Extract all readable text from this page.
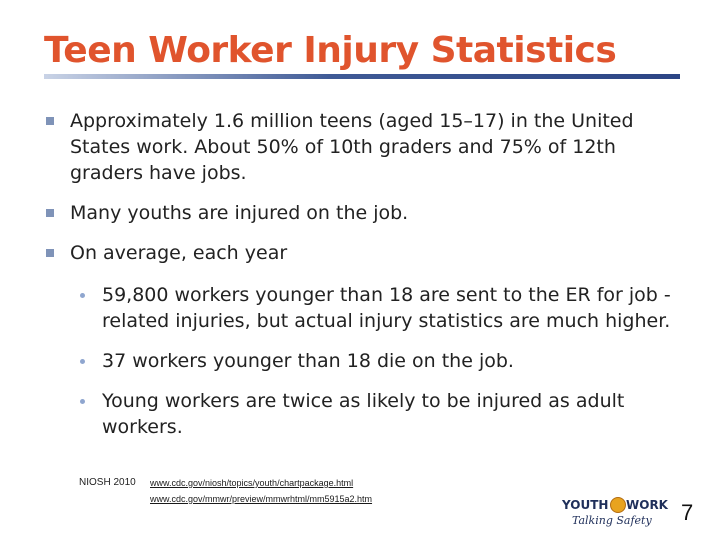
Teen Worker Injury Statistics
Approximately 1.6 million teens (aged 15–17) in the United States work. About 50% of 10th graders and 75% of 12th graders have jobs.
Many youths are injured on the job.
On average, each year
59,800 workers younger than 18 are sent to the ER for job -related injuries, but actual injury statistics are much higher.
37 workers younger than 18 die on the job.
Young workers are twice as likely to be injured as adult workers.
NIOSH 2010 www.cdc.gov/niosh/topics/youth/chartpackage.html
www.cdc.gov/mmwr/preview/mmwrhtml/mm5915a2.htm	YOUTH WORK
Talking Safety 7
